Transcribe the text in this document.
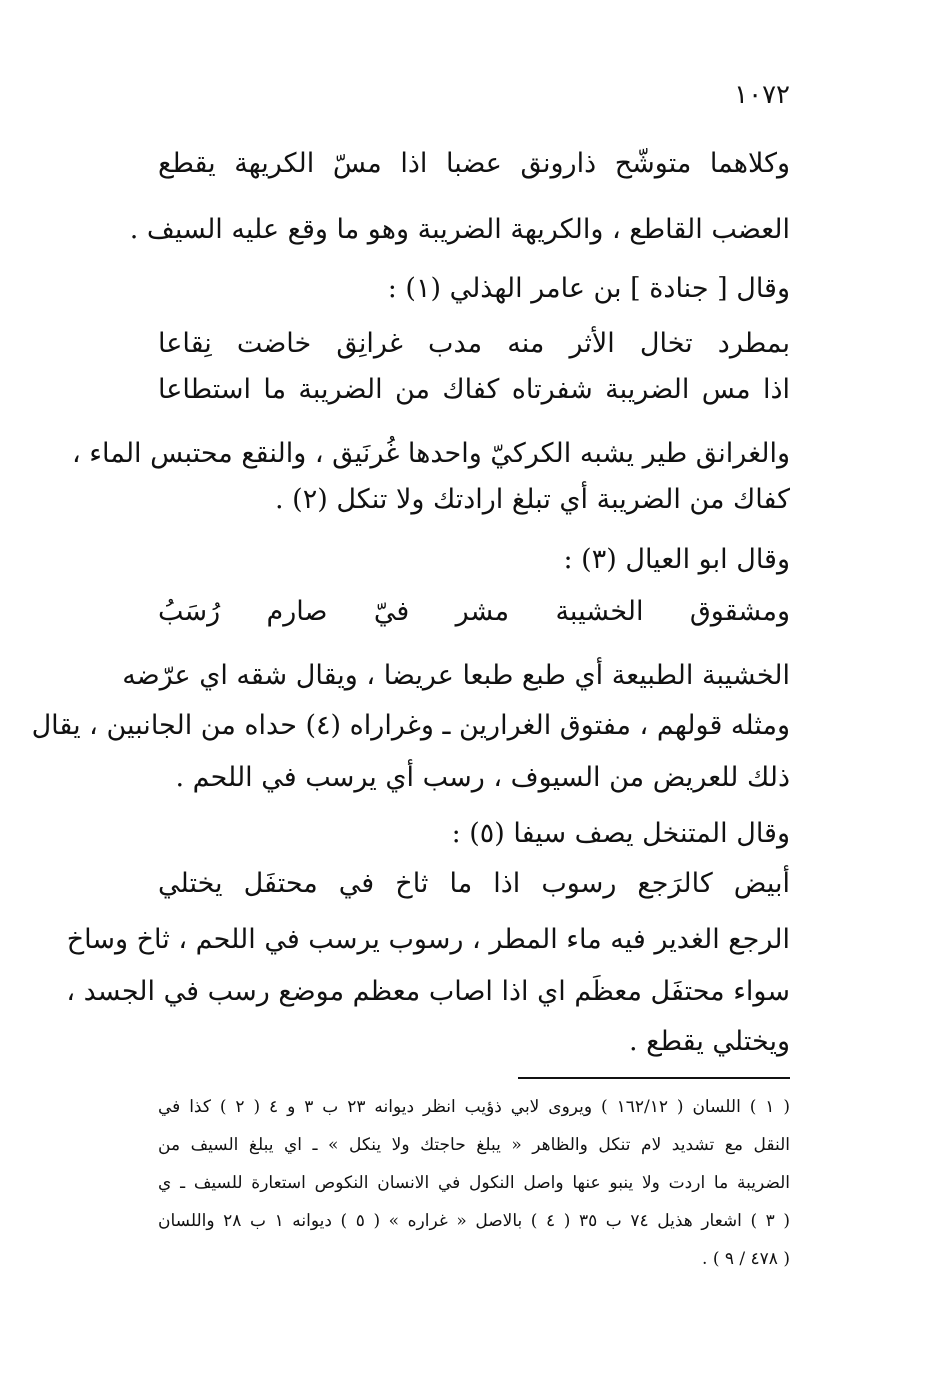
١٠٧٢
وكلاهما متوشّح ذارونق عضبا اذا مسّ الكريهة يقطع
العضب القاطع ، والكريهة الضريبة وهو ما وقع عليه السيف .
وقال [ جنادة ] بن عامر الهذلي (١) :
بمطرد تخال الأثر منه مدب غرانِق خاضت نِقاعا
اذا مس الضريبة شفرتاه كفاك من الضريبة ما استطاعا
والغرانق طير يشبه الكركيّ واحدها غُرنَيق ، والنقع محتبس الماء ،
كفاك من الضريبة أي تبلغ ارادتك ولا تنكل (٢) .
وقال ابو العيال (٣) :
ومشقوق الخشيبة مشر فيّ صارم رُسَبُ
الخشيبة الطبيعة أي طبع طبعا عريضا ، ويقال شقه اي عرّضه
ومثله قولهم ، مفتوق الغرارين ـ وغراراه (٤) حداه من الجانبين ، يقال
ذلك للعريض من السيوف ، رسب أي يرسب في اللحم .
وقال المتنخل يصف سيفا (٥) :
أبيض كالرَجع رسوب اذا ما ثاخ في محتفَل يختلي
الرجع الغدير فيه ماء المطر ، رسوب يرسب في اللحم ، ثاخ وساخ
سواء محتفَل معظَم اي اذا اصاب معظم موضع رسب في الجسد ،
ويختلي يقطع .
( ١ ) اللسان ( ١٦٢/١٢ ) ويروى لابي ذؤيب انظر ديوانه ٢٣ ب ٣ و ٤ ( ٢ ) كذا في
النقل مع تشديد لام تنكل والظاهر « يبلغ حاجتك ولا ينكل » ـ اي يبلغ السيف من
الضريبة ما اردت ولا ينبو عنها واصل النكول في الانسان النكوص استعارة للسيف ـ ي
( ٣ ) اشعار هذيل ٧٤ ب ٣٥ ( ٤ ) بالاصل « غراره » ( ٥ ) ديوانه ١ ب ٢٨ واللسان
( ٤٧٨ / ٩ ) .
